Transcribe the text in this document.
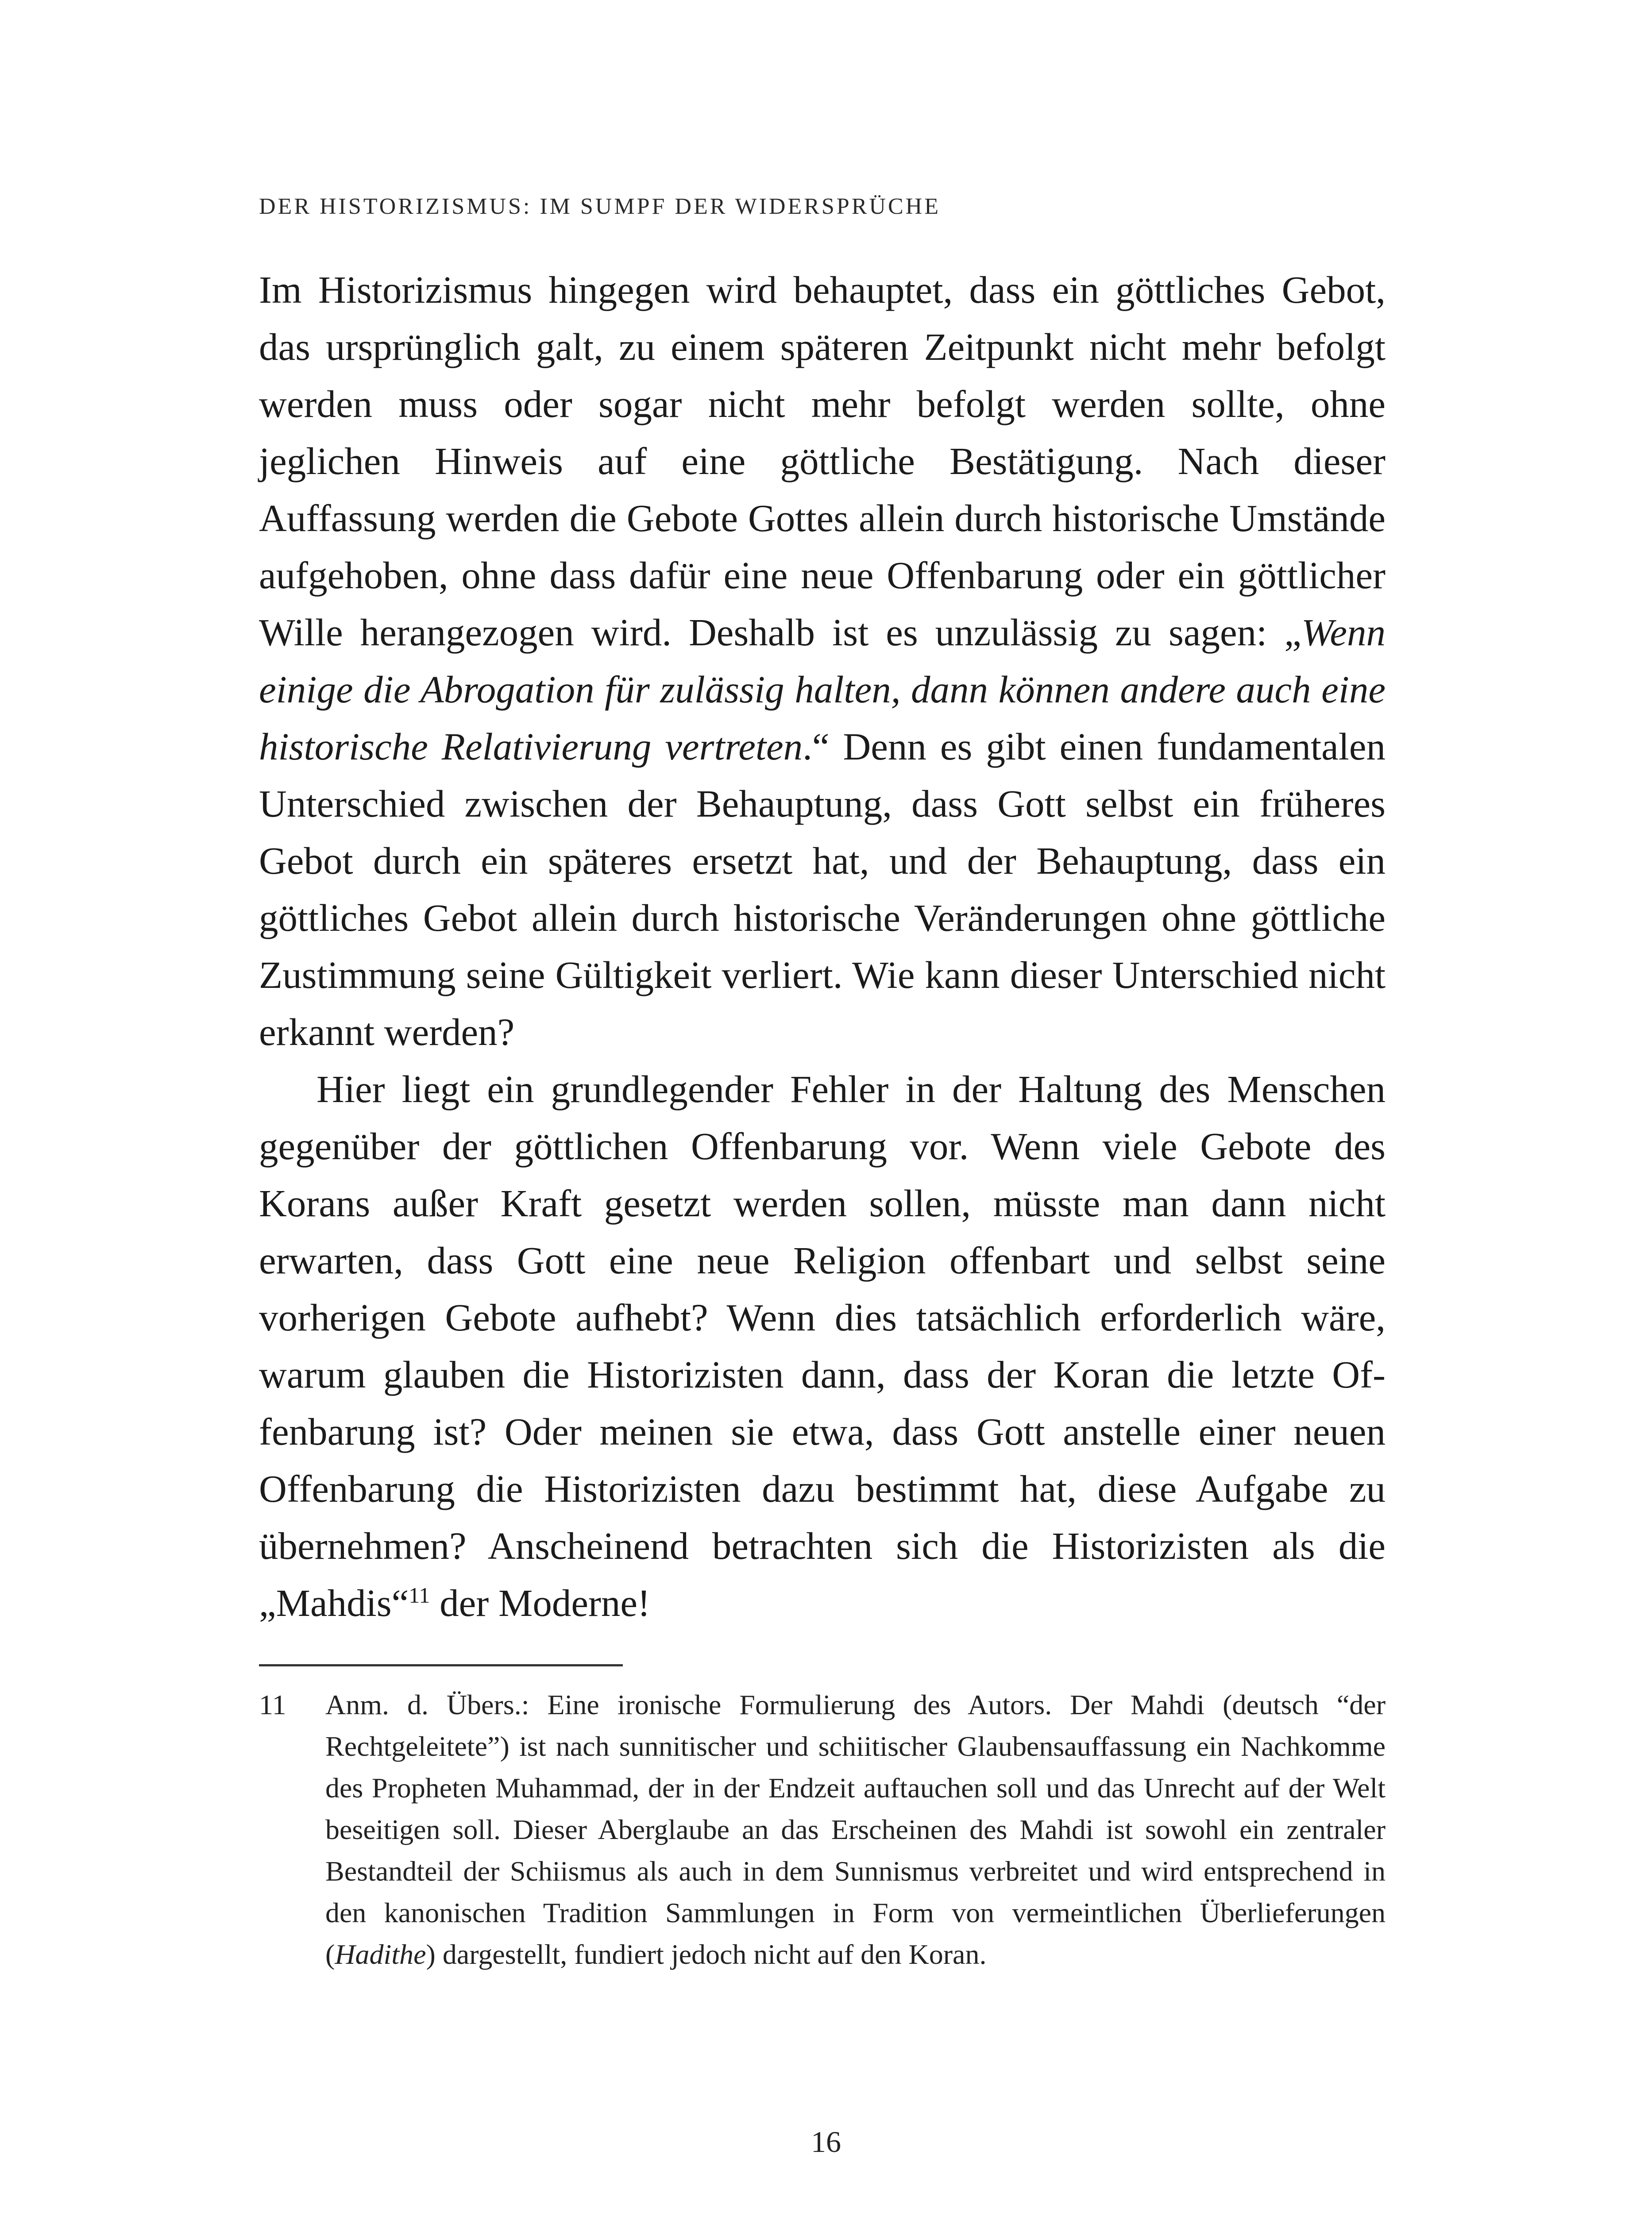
DER HISTORIZISMUS: IM SUMPF DER WIDERSPRÜCHE

Im Historizismus hingegen wird behauptet, dass ein göttliches Gebot, das ursprünglich galt, zu einem späteren Zeitpunkt nicht mehr befolgt werden muss oder sogar nicht mehr befolgt werden sollte, ohne jeglichen Hinweis auf eine göttliche Bestätigung. Nach dieser Auffassung werden die Gebote Gottes allein durch historische Umstände aufgehoben, ohne dass dafür eine neue Offenbarung oder ein göttlicher Wille herangezogen wird. Deshalb ist es unzulässig zu sagen: „Wenn einige die Abrogation für zulässig halten, dann können andere auch eine historische Relativierung vertreten.“ Denn es gibt einen fundamentalen Unterschied zwischen der Behauptung, dass Gott selbst ein früheres Gebot durch ein späteres ersetzt hat, und der Behauptung, dass ein göttliches Gebot allein durch historische Veränderungen ohne göttliche Zustimmung seine Gültigkeit verliert. Wie kann dieser Unterschied nicht erkannt werden?

Hier liegt ein grundlegender Fehler in der Haltung des Menschen gegenüber der göttlichen Offenbarung vor. Wenn viele Gebote des Korans außer Kraft gesetzt werden sollen, müsste man dann nicht erwarten, dass Gott eine neue Religion offenbart und selbst seine vorherigen Gebote aufhebt? Wenn dies tatsächlich erforderlich wäre, warum glauben die Historizisten dann, dass der Koran die letzte Offenbarung ist? Oder meinen sie etwa, dass Gott anstelle einer neuen Offenbarung die Historizisten dazu bestimmt hat, diese Aufgabe zu übernehmen? Anscheinend betrachten sich die Historizisten als die „Mahdis“$^{11}$ der Moderne!

11	Anm. d. Übers.: Eine ironische Formulierung des Autors. Der Mahdi (deutsch “der Rechtgeleitete”) ist nach sunnitischer und schiitischer Glaubensauffassung ein Nachkomme des Propheten Muhammad, der in der Endzeit auftauchen soll und das Unrecht auf der Welt beseitigen soll. Dieser Aberglaube an das Erscheinen des Mahdi ist sowohl ein zentraler Bestandteil der Schiismus als auch in dem Sunnismus verbreitet und wird entsprechend in den kanonischen Tradition Sammlungen in Form von vermeintlichen Überlieferungen (Hadithe) dargestellt, fundiert jedoch nicht auf den Koran.
16
